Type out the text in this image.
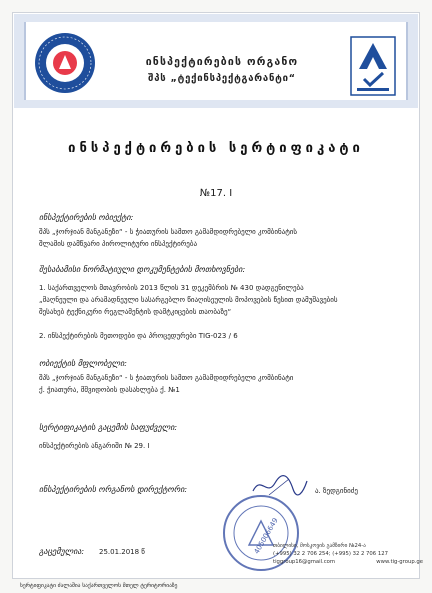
ინსპექტირების ორგანო
შპს „ტექინსპექტგარანტი“
ინსპექტირების სერტიფიკატი
№17. I
ინსპექტირების ობიექტი:
შპს „ჯორჯიან მანგანეზი“ - ს ჭიათურის სამთო გამამდიდრებელი კომბინატის
შლამის დამწვარი პიროლიტური ინსპექტირება
შესაბამისი ნორმატიული დოკუმენტების მოთხოვნები:
1. საქართველოს მთავრობის 2013 წლის 31 დეკემბრის № 430 დადგენილება
„მაღნეული და არამადნეული სასარგებლო წიაღისეულის მოპოვების წესით დამუშავების
შესახებ ტექნიკური რეგლამენტის დამტკიცების თაობაზე“
2. ინსპექტირების მეთოდები და პროცედურები TIG-023 / 6
ობიექტის მფლობელი:
შპს „ჯორჯიან მანგანეზი“ - ს ჭიათურის სამთო გამამდიდრებელი კომბინატი
ქ. ჭიათურა, მშვიდობის დასახლება ქ. №1
სერტიფიკატის გაცემის საფუძველი:
ინსპექტირების ანგარიში № 29. I
ინსპექტირების ორგანოს დირექტორი:	ა. ზედგინიძე
გაცემულია: 25.01.2018 წ	405006649
თბილისი, მოსკოვის გამზირი №24-ა
(+995) 32 2 706 254; (+995) 32 2 706 127
tiggroup16@gmail.com	www.tig-group.ge
სერტიფიკატი ძალაშია საქართველოს მთელ ტერიტორიაზე
